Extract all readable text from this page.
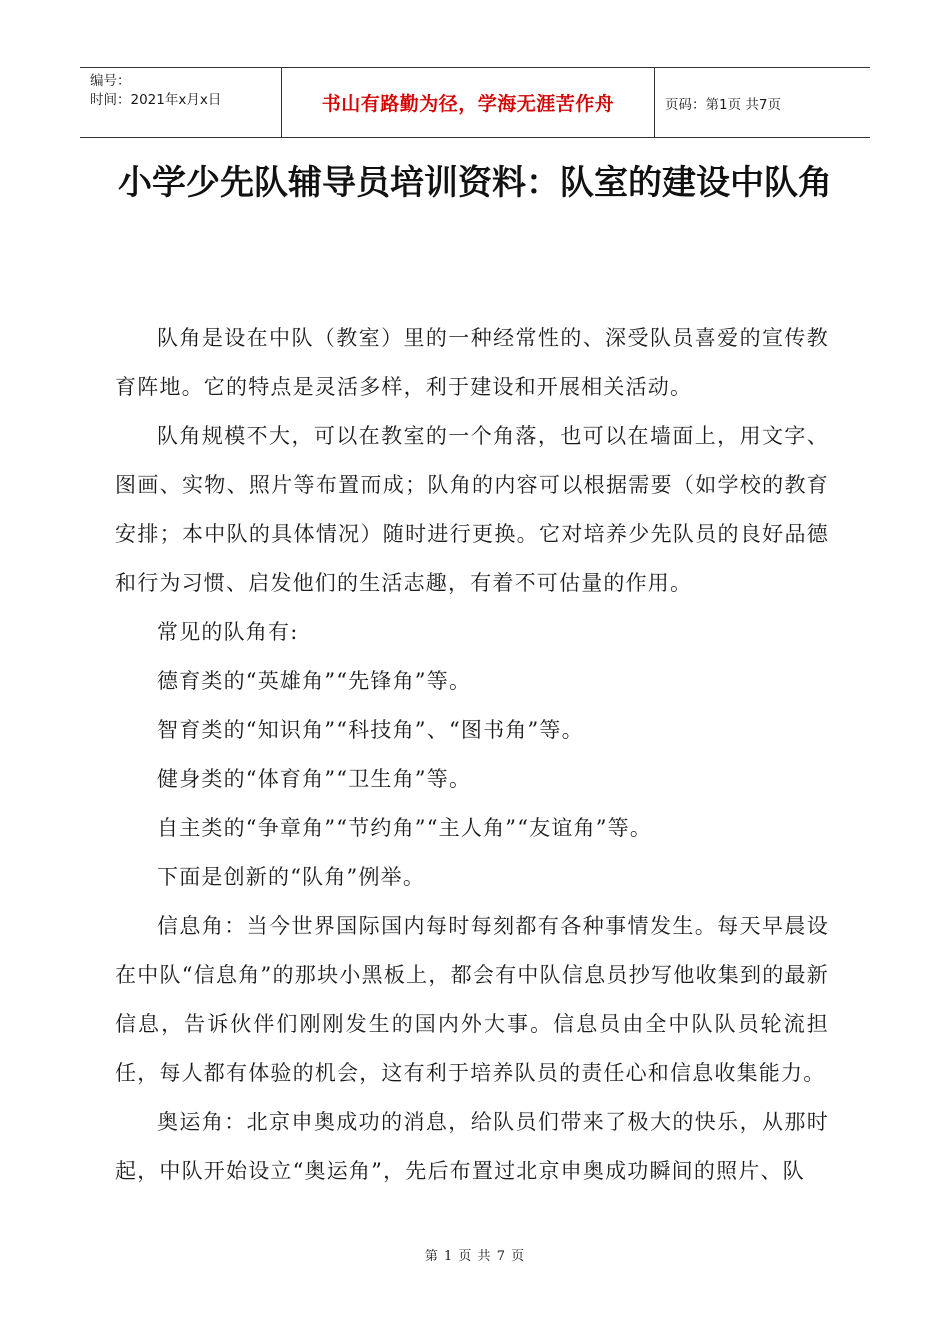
编号：
时间：2021年x月x日	书山有路勤为径，学海无涯苦作舟	页码：第1页 共7页
小学少先队辅导员培训资料：队室的建设中队角

队角是设在中队（教室）里的一种经常性的、深受队员喜爱的宣传教育阵地。它的特点是灵活多样，利于建设和开展相关活动。

队角规模不大，可以在教室的一个角落，也可以在墙面上，用文字、图画、实物、照片等布置而成；队角的内容可以根据需要（如学校的教育安排；本中队的具体情况）随时进行更换。它对培养少先队员的良好品德和行为习惯、启发他们的生活志趣，有着不可估量的作用。

常见的队角有:

德育类的“英雄角”“先锋角”等。

智育类的“知识角”“科技角”、“图书角”等。

健身类的“体育角”“卫生角”等。

自主类的“争章角”“节约角”“主人角”“友谊角”等。

下面是创新的“队角”例举。

信息角：当今世界国际国内每时每刻都有各种事情发生。每天早晨设在中队“信息角”的那块小黑板上，都会有中队信息员抄写他收集到的最新信息，告诉伙伴们刚刚发生的国内外大事。信息员由全中队队员轮流担任，每人都有体验的机会，这有利于培养队员的责任心和信息收集能力。

奥运角：北京申奥成功的消息，给队员们带来了极大的快乐，从那时起，中队开始设立“奥运角”，先后布置过北京申奥成功瞬间的照片、队

第 1 页 共 7 页
